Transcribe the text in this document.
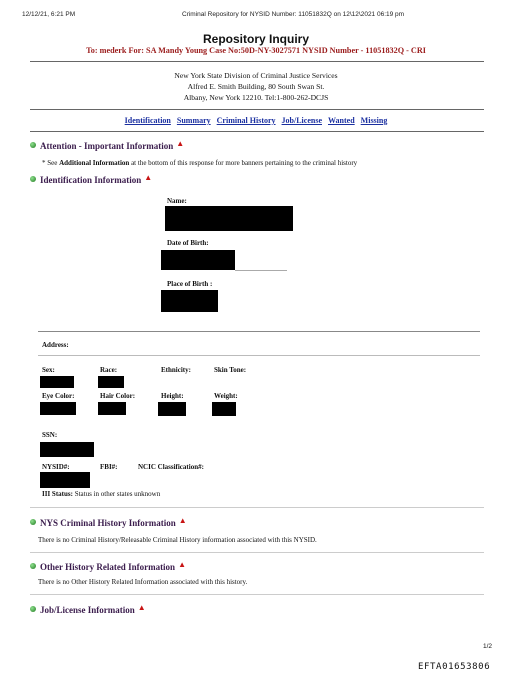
12/12/21, 6:21 PM	Criminal Repository for NYSID Number: 11051832Q on 12\12\2021 06:19 pm
Repository Inquiry
To: mederk For: SA Mandy Young Case No:50D-NY-3027571 NYSID Number - 11051832Q - CRI
New York State Division of Criminal Justice Services
Alfred E. Smith Building, 80 South Swan St.
Albany, New York 12210. Tel:1-800-262-DCJS
Identification Summary Criminal History Job/License Wanted Missing
Attention - Important Information ▲
* See Additional Information at the bottom of this response for more banners pertaining to the criminal history
Identification Information ▲
Name:
Date of Birth:
Place of Birth :
Address:
Sex:	Race:	Ethnicity:	Skin Tone:
Eye Color:	Hair Color:	Height:	Weight:
SSN:
NYSID#:	FBI#:	NCIC Classification#:
III Status: Status in other states unknown
NYS Criminal History Information ▲
There is no Criminal History/Releasable Criminal History information associated with this NYSID.
Other History Related Information ▲
There is no Other History Related Information associated with this history.
Job/License Information ▲
1/2
EFTA01653806
